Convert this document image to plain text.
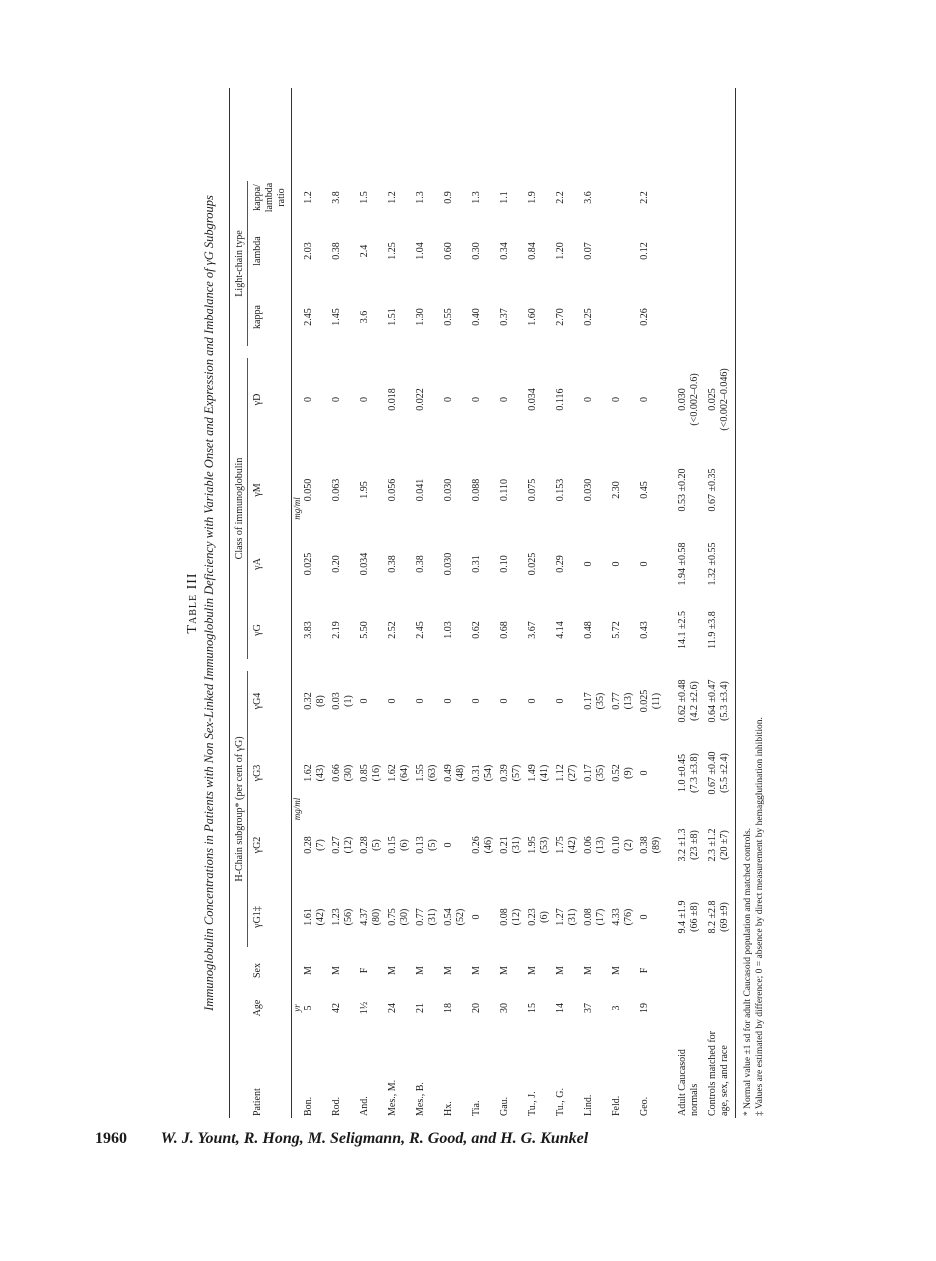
Table III Immunoglobulin Concentrations in Patients with Non Sex-Linked Immunoglobulin Deficiency with Variable Onset and Expression and Imbalance of γG Subgroups H-Chain subgroup* (per cent of γG)
Class of immunoglobulin
Light-chain type
Patient
Age
Sex
γG1‡
γG2
γG3
γG4
γG
γA
γM
γD
kappa
lambda
kappa/ lambda ratio
yr
mg/ml
mg/ml
Bon.
5
M
1.61 (42)
0.28 (7)
1.62 (43)
0.32 (8)
3.83
0.025
0.050
0
2.45
2.03
1.2
Rod.
42
M
1.23 (56)
0.27 (12)
0.66 (30)
0.03 (1)
2.19
0.20
0.063
0
1.45
0.38
3.8
And.
1½
F
4.37 (80)
0.28 (5)
0.85 (16)
0
5.50
0.034
1.95
0
3.6
2.4
1.5
Mes., M.
24
M
0.75 (30)
0.15 (6)
1.62 (64)
0
2.52
0.38
0.056
0.018
1.51
1.25
1.2
Mes., B.
21
M
0.77 (31)
0.13 (5)
1.55 (63)
0
2.45
0.38
0.041
0.022
1.30
1.04
1.3
Hx.
18
M
0.54 (52)
0
0.49 (48)
0
1.03
0.030
0.030
0
0.55
0.60
0.9
Tia.
20
M
0
0.26 (46)
0.31 (54)
0
0.62
0.31
0.088
0
0.40
0.30
1.3
Gau.
30
M
0.08 (12)
0.21 (31)
0.39 (57)
0
0.68
0.10
0.110
0
0.37
0.34
1.1
Tu., J.
15
M
0.23 (6)
1.95 (53)
1.49 (41)
0
3.67
0.025
0.075
0.034
1.60
0.84
1.9
Tu., G.
14
M
1.27 (31)
1.75 (42)
1.12 (27)
0
4.14
0.29
0.153
0.116
2.70
1.20
2.2
Lind.
37
M
0.08 (17)
0.06 (13)
0.17 (35)
0.17 (35)
0.48
0
0.030
0
0.25
0.07
3.6
Feld.
3
M
4.33 (76)
0.10 (2)
0.52 (9)
0.77 (13)
5.72
0
2.30
0
Geo.
19
F
0
0.38 (89)
0
0.025 (11)
0.43
0
0.45
0
0.26
0.12
2.2
Adult Caucasoid normals
9.4 ±1.9 (66 ±8)
3.2 ±1.3 (23 ±8)
1.0 ±0.45 (7.3 ±3.8)
0.62 ±0.48 (4.2 ±2.6)
14.1 ±2.5
1.94 ±0.58
0.53 ±0.20
0.030 (<0.002–0.6)
Controls matched for age, sex, and race
8.2 ±2.8 (69 ±9)
2.3 ±1.2 (20 ±7)
0.67 ±0.40 (5.5 ±2.4)
0.64 ±0.47 (5.3 ±3.4)
11.9 ±3.8
1.32 ±0.55
0.67 ±0.35
0.025 (<0.002–0.046)
* Normal value ±1 sd for adult Caucasoid population and matched controls. ‡ Values are estimated by difference; 0 = absence by direct measurement by hemagglutination inhibition.
1960 W. J. Yount, R. Hong, M. Seligmann, R. Good, and H. G. Kunkel
